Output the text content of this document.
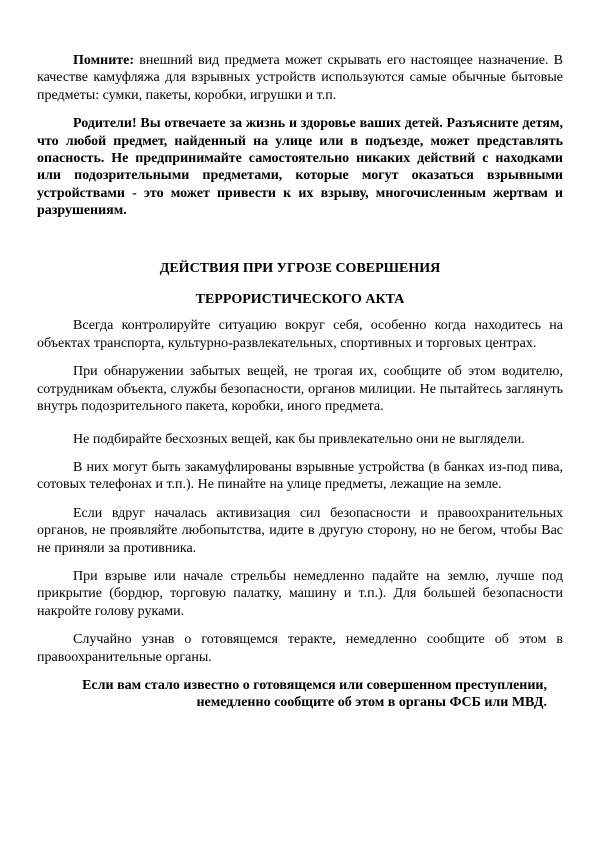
Помните: внешний вид предмета может скрывать его настоящее назначение. В качестве камуфляжа для взрывных устройств используются самые обычные бытовые предметы: сумки, пакеты, коробки, игрушки и т.п.

Родители! Вы отвечаете за жизнь и здоровье ваших детей. Разъясните детям, что любой предмет, найденный на улице или в подъезде, может представлять опасность. Не предпринимайте самостоятельно никаких действий с находками или подозрительными предметами, которые могут оказаться взрывными устройствами - это может привести к их взрыву, многочисленным жертвам и разрушениям.

ДЕЙСТВИЯ ПРИ УГРОЗЕ СОВЕРШЕНИЯ

ТЕРРОРИСТИЧЕСКОГО АКТА

Всегда контролируйте ситуацию вокруг себя, особенно когда находитесь на объектах транспорта, культурно-развлекательных, спортивных и торговых центрах.

При обнаружении забытых вещей, не трогая их, сообщите об этом водителю, сотрудникам объекта, службы безопасности, органов милиции. Не пытайтесь заглянуть внутрь подозрительного пакета, коробки, иного предмета.

Не подбирайте бесхозных вещей, как бы привлекательно они не выглядели.

В них могут быть закамуфлированы взрывные устройства (в банках из-под пива, сотовых телефонах и т.п.). Не пинайте на улице предметы, лежащие на земле.

Если вдруг началась активизация сил безопасности и правоохранительных органов, не проявляйте любопытства, идите в другую сторону, но не бегом, чтобы Вас не приняли за противника.

При взрыве или начале стрельбы немедленно падайте на землю, лучше под прикрытие (бордюр, торговую палатку, машину и т.п.). Для большей безопасности накройте голову руками.

Случайно узнав о готовящемся теракте, немедленно сообщите об этом в правоохранительные органы.

Если вам стало известно о готовящемся или совершенном преступлении, немедленно сообщите об этом в органы ФСБ или МВД.
